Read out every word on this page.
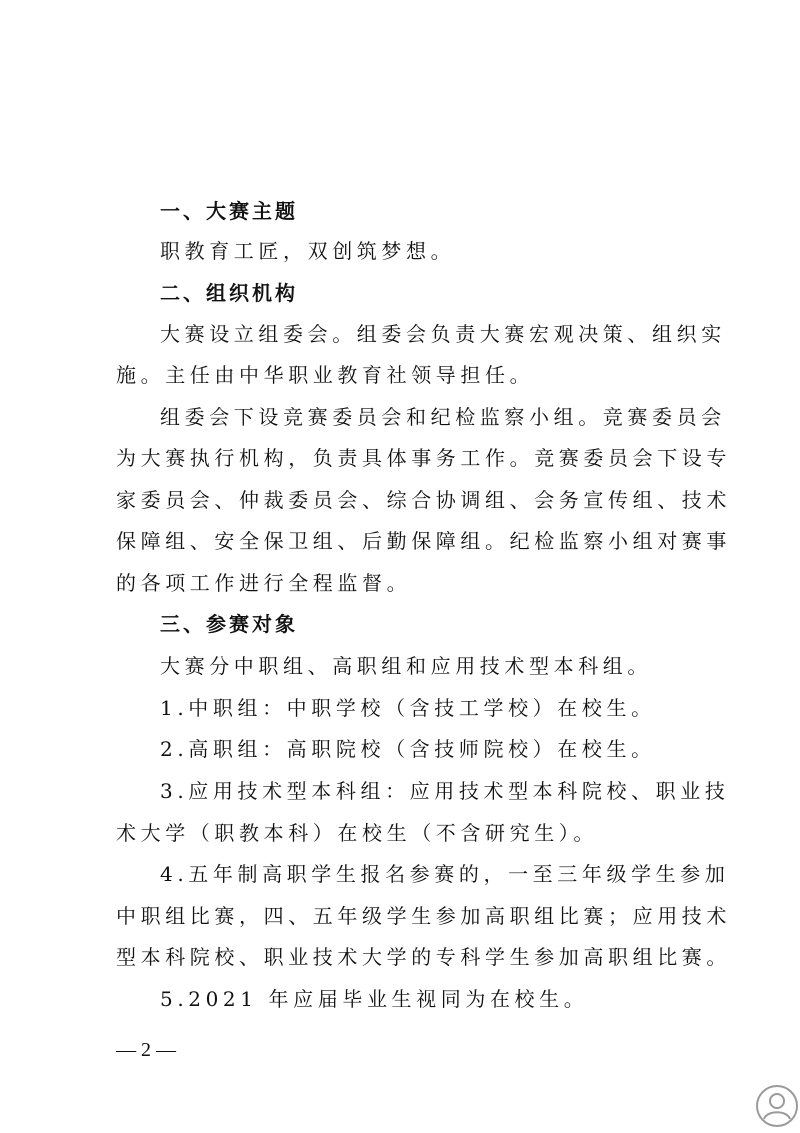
一、大赛主题
职教育工匠，双创筑梦想。
二、组织机构
大赛设立组委会。组委会负责大赛宏观决策、组织实
施。主任由中华职业教育社领导担任。
组委会下设竞赛委员会和纪检监察小组。竞赛委员会
为大赛执行机构，负责具体事务工作。竞赛委员会下设专
家委员会、仲裁委员会、综合协调组、会务宣传组、技术
保障组、安全保卫组、后勤保障组。纪检监察小组对赛事
的各项工作进行全程监督。
三、参赛对象
大赛分中职组、高职组和应用技术型本科组。
1.中职组：中职学校（含技工学校）在校生。
2.高职组：高职院校（含技师院校）在校生。
3.应用技术型本科组：应用技术型本科院校、职业技
术大学（职教本科）在校生（不含研究生）。
4.五年制高职学生报名参赛的，一至三年级学生参加
中职组比赛，四、五年级学生参加高职组比赛；应用技术
型本科院校、职业技术大学的专科学生参加高职组比赛。
5.2021 年应届毕业生视同为在校生。
— 2 —
